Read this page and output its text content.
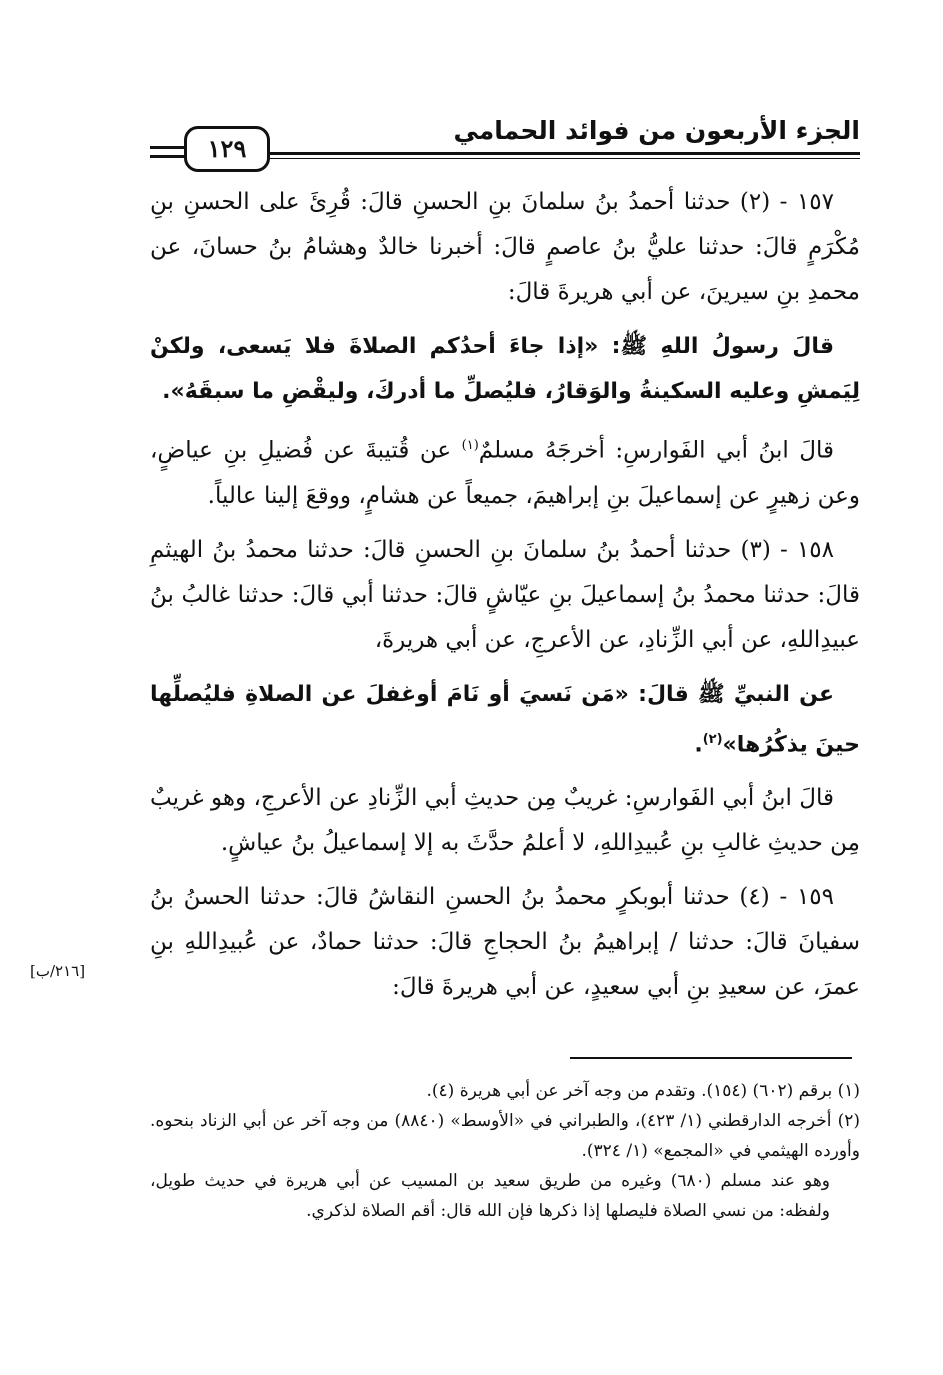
الجزء الأربعون من فوائد الحمامي
١٢٩

١٥٧ - (٢) حدثنا أحمدُ بنُ سلمانَ بنِ الحسنِ قالَ: قُرِئَ على الحسنِ بنِ مُكْرَمٍ قالَ: حدثنا عليُّ بنُ عاصمٍ قالَ: أخبرنا خالدٌ وهشامُ بنُ حسانَ، عن محمدِ بنِ سيرينَ، عن أبي هريرةَ قالَ:

قالَ رسولُ اللهِ ﷺ: «إذا جاءَ أحدُكم الصلاةَ فلا يَسعى، ولكنْ لِيَمشِ وعليه السكينةُ والوَقارُ، فليُصلِّ ما أدركَ، وليقْضِ ما سبقَهُ».

قالَ ابنُ أبي الفَوارسِ: أخرجَهُ مسلمٌ$^{(١)}$ عن قُتيبةَ عن فُضيلِ بنِ عياضٍ، وعن زهيرٍ عن إسماعيلَ بنِ إبراهيمَ، جميعاً عن هشامٍ، ووقعَ إلينا عالياً.

١٥٨ - (٣) حدثنا أحمدُ بنُ سلمانَ بنِ الحسنِ قالَ: حدثنا محمدُ بنُ الهيثمِ قالَ: حدثنا محمدُ بنُ إسماعيلَ بنِ عيّاشٍ قالَ: حدثنا أبي قالَ: حدثنا غالبُ بنُ عبيدِاللهِ، عن أبي الزِّنادِ، عن الأعرجِ، عن أبي هريرةَ،

عن النبيِّ ﷺ قالَ: «مَن نَسيَ أو نَامَ أوغفلَ عن الصلاةِ فليُصلِّها حينَ يذكُرُها»$^{(٢)}$.

قالَ ابنُ أبي الفَوارسِ: غريبٌ مِن حديثِ أبي الزِّنادِ عن الأعرجِ، وهو غريبٌ مِن حديثِ غالبِ بنِ عُبيدِاللهِ، لا أعلمُ حدَّثَ به إلا إسماعيلُ بنُ عياشٍ.

١٥٩ - (٤) حدثنا أبوبكرٍ محمدُ بنُ الحسنِ النقاشُ قالَ: حدثنا الحسنُ بنُ سفيانَ قالَ: حدثنا / إبراهيمُ بنُ الحجاجِ قالَ: حدثنا حمادٌ، عن عُبيدِاللهِ بنِ عمرَ، عن سعيدِ بنِ أبي سعيدٍ، عن أبي هريرةَ قالَ:

[٢١٦/ب]

(١) برقم (٦٠٢) (١٥٤). وتقدم من وجه آخر عن أبي هريرة (٤).

(٢) أخرجه الدارقطني (١/ ٤٢٣)، والطبراني في «الأوسط» (٨٨٤٠) من وجه آخر عن أبي الزناد بنحوه. وأورده الهيثمي في «المجمع» (١/ ٣٢٤).

وهو عند مسلم (٦٨٠) وغيره من طريق سعيد بن المسيب عن أبي هريرة في حديث طويل، ولفظه: من نسي الصلاة فليصلها إذا ذكرها فإن الله قال: أقم الصلاة لذكري.
